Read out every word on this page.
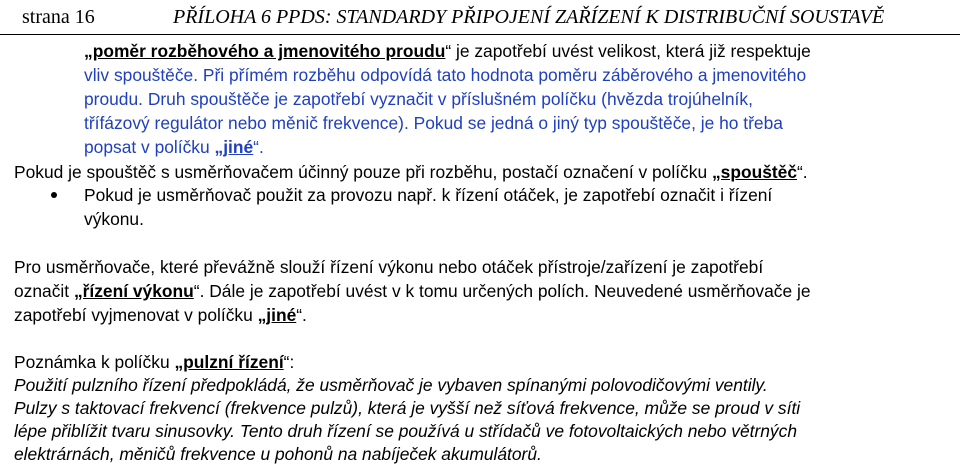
strana 16	PŘÍLOHA 6 PPDS: STANDARDY PŘIPOJENÍ ZAŘÍZENÍ K DISTRIBUČNÍ SOUSTAVĚ
„poměr rozběhového a jmenovitého proudu“ je zapotřebí uvést velikost, která již respektuje
vliv spouštěče. Při přímém rozběhu odpovídá tato hodnota poměru záběrového a jmenovitého
proudu. Druh spouštěče je zapotřebí vyznačit v příslušném políčku (hvězda trojúhelník,
třífázový regulátor nebo měnič frekvence). Pokud se jedná o jiný typ spouštěče, je ho třeba
popsat v políčku „jiné“.
Pokud je spouštěč s usměrňovačem účinný pouze při rozběhu, postačí označení v políčku „spouštěč“.
Pokud je usměrňovač použit za provozu např. k řízení otáček, je zapotřebí označit i řízení
výkonu.
Pro usměrňovače, které převážně slouží řízení výkonu nebo otáček přístroje/zařízení je zapotřebí
označit „řízení výkonu“. Dále je zapotřebí uvést v k tomu určených polích. Neuvedené usměrňovače je
zapotřebí vyjmenovat v políčku „jiné“.
Poznámka k políčku „pulzní řízení“:
Použití pulzního řízení předpokládá, že usměrňovač je vybaven spínanými polovodičovými ventily.
Pulzy s taktovací frekvencí (frekvence pulzů), která je vyšší než síťová frekvence, může se proud v síti
lépe přiblížit tvaru sinusovky. Tento druh řízení se používá u střídačů ve fotovoltaických nebo větrných
elektrárnách, měničů frekvence u pohonů na nabíječek akumulátorů.
